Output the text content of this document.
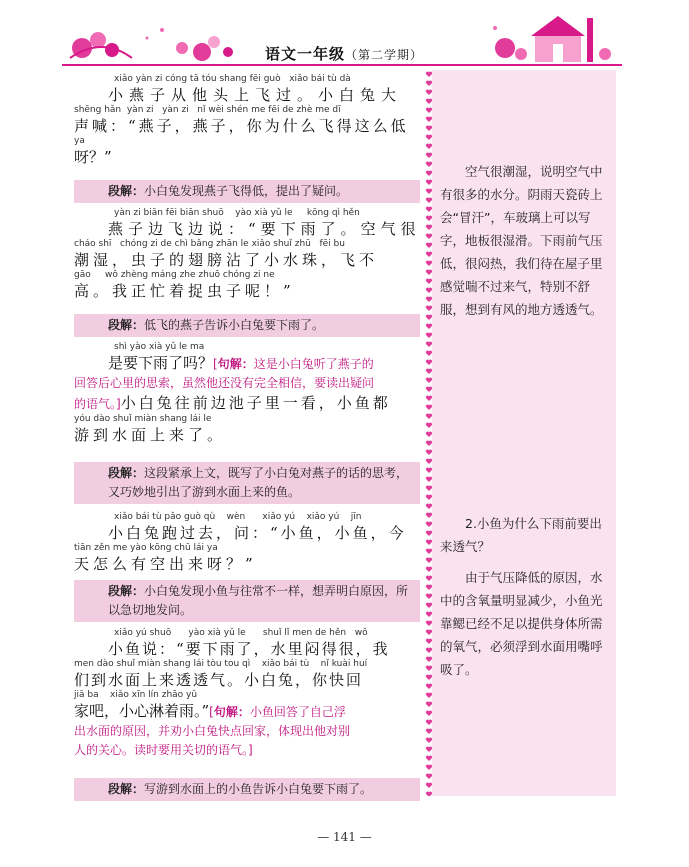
语文一年级（第二学期）
xiǎo yàn zi cóng tā tóu shang fēi guò   xiǎo bái tù dà
小燕子从他头上飞过。小白兔大
shēng hǎn  yàn zi   yàn zi   nǐ wèi shén me fēi de zhè me dī
声喊：“燕子，燕子，你为什么飞得这么低
ya
呀？”
段解：小白兔发现燕子飞得低，提出了疑问。
yàn zi biān fēi biān shuō    yào xià yǔ le     kōng qì hěn
燕子边飞边说：“要下雨了。空气很
cháo shī   chóng zi de chì bǎng zhān le xiǎo shuǐ zhū   fēi bu
潮湿，虫子的翅膀沾了小水珠，飞不
gāo     wǒ zhèng máng zhe zhuō chóng zi ne
高。我正忙着捉虫子呢！”
段解：低飞的燕子告诉小白兔要下雨了。
shì yào xià yǔ le ma
是要下雨了吗？[句解：这是小白兔听了燕子的
回答后心里的思索，虽然他还没有完全相信，要读出疑问
的语气。]小白兔往前边池子里一看，小鱼都
yóu dào shuǐ miàn shang lái le
游到水面上来了。
段解：这段紧承上文，既写了小白兔对燕子的话的思考，又巧妙地引出了游到水面上来的鱼。
xiǎo bái tù pǎo guò qù    wèn      xiǎo yú    xiǎo yú    jīn
小白兔跑过去，问：“小鱼，小鱼，今
tiān zěn me yào kōng chū lái ya
天怎么有空出来呀？”
段解：小白兔发现小鱼与往常不一样，想弄明白原因，所以急切地发问。
xiǎo yú shuō      yào xià yǔ le      shuǐ lǐ men de hěn   wǒ
小鱼说：“要下雨了，水里闷得很，我
men dào shuǐ miàn shang lái tòu tou qì    xiǎo bái tù    nǐ kuài huí
们到水面上来透透气。小白兔，你快回
jiā ba    xiǎo xīn lín zhāo yǔ
家吧，小心淋着雨。”[句解：小鱼回答了自己浮
出水面的原因，并劝小白兔快点回家，体现出他对别
人的关心。读时要用关切的语气。]
段解：写游到水面上的小鱼告诉小白兔要下雨了。
空气很潮湿，说明空气中有很多的水分。阴雨天瓷砖上会“冒汗”，车玻璃上可以写字，地板很湿滑。下雨前气压低，很闷热，我们待在屋子里感觉喘不过来气，特别不舒服，想到有风的地方透透气。
2.小鱼为什么下雨前要出来透气？
由于气压降低的原因，水中的含氧量明显减少，小鱼光靠鳃已经不足以提供身体所需的氧气，必须浮到水面用嘴呼吸了。
— 141 —
